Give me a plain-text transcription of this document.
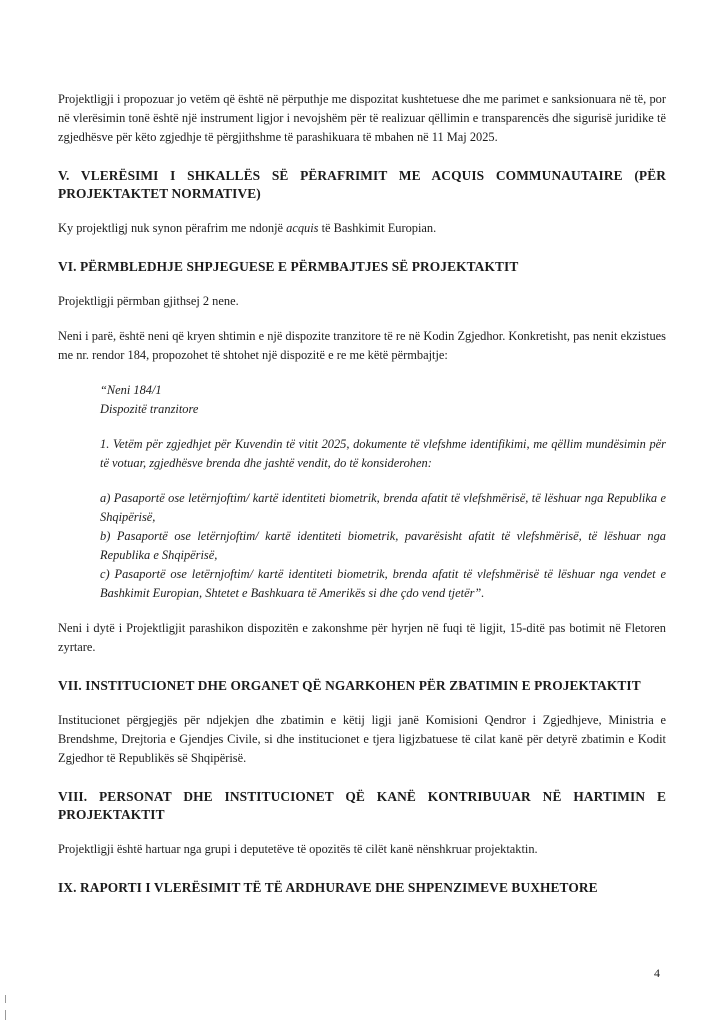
Projektligji i propozuar jo vetëm që është në përputhje me dispozitat kushtetuese dhe me parimet e sanksionuara në të, por në vlerësimin tonë është një instrument ligjor i nevojshëm për të realizuar qëllimin e transparencës dhe sigurisë juridike të zgjedhësve për këto zgjedhje të përgjithshme të parashikuara të mbahen në 11 Maj 2025.

V. VLERËSIMI I SHKALLËS SË PËRAFRIMIT ME ACQUIS COMMUNAUTAIRE (PËR PROJEKTAKTET NORMATIVE)

Ky projektligj nuk synon përafrim me ndonjë acquis të Bashkimit Europian.

VI. PËRMBLEDHJE SHPJEGUESE E PËRMBAJTJES SË PROJEKTAKTIT

Projektligji përmban gjithsej 2 nene.

Neni i parë, është neni që kryen shtimin e një dispozite tranzitore të re në Kodin Zgjedhor. Konkretisht, pas nenit ekzistues me nr. rendor 184, propozohet të shtohet një dispozitë e re me këtë përmbajtje:

“Neni 184/1

Dispozitë tranzitore

1. Vetëm për zgjedhjet për Kuvendin të vitit 2025, dokumente të vlefshme identifikimi, me qëllim mundësimin për të votuar, zgjedhësve brenda dhe jashtë vendit, do të konsiderohen:

a) Pasaportë ose letërnjoftim/ kartë identiteti biometrik, brenda afatit të vlefshmërisë, të lëshuar nga Republika e Shqipërisë,

b) Pasaportë ose letërnjoftim/ kartë identiteti biometrik, pavarësisht afatit të vlefshmërisë, të lëshuar nga Republika e Shqipërisë,

c) Pasaportë ose letërnjoftim/ kartë identiteti biometrik, brenda afatit të vlefshmërisë të lëshuar nga vendet e Bashkimit Europian, Shtetet e Bashkuara të Amerikës si dhe çdo vend tjetër”.

Neni i dytë i Projektligjit parashikon dispozitën e zakonshme për hyrjen në fuqi të ligjit, 15-ditë pas botimit në Fletoren zyrtare.

VII. INSTITUCIONET DHE ORGANET QË NGARKOHEN PËR ZBATIMIN E PROJEKTAKTIT

Institucionet përgjegjës për ndjekjen dhe zbatimin e këtij ligji janë Komisioni Qendror i Zgjedhjeve, Ministria e Brendshme, Drejtoria e Gjendjes Civile, si dhe institucionet e tjera ligjzbatuese të cilat kanë për detyrë zbatimin e Kodit Zgjedhor të Republikës së Shqipërisë.

VIII. PERSONAT DHE INSTITUCIONET QË KANË KONTRIBUUAR NË HARTIMIN E PROJEKTAKTIT

Projektligji është hartuar nga grupi i deputetëve të opozitës të cilët kanë nënshkruar projektaktin.

IX. RAPORTI I VLERËSIMIT TË TË ARDHURAVE DHE SHPENZIMEVE BUXHETORE

4
